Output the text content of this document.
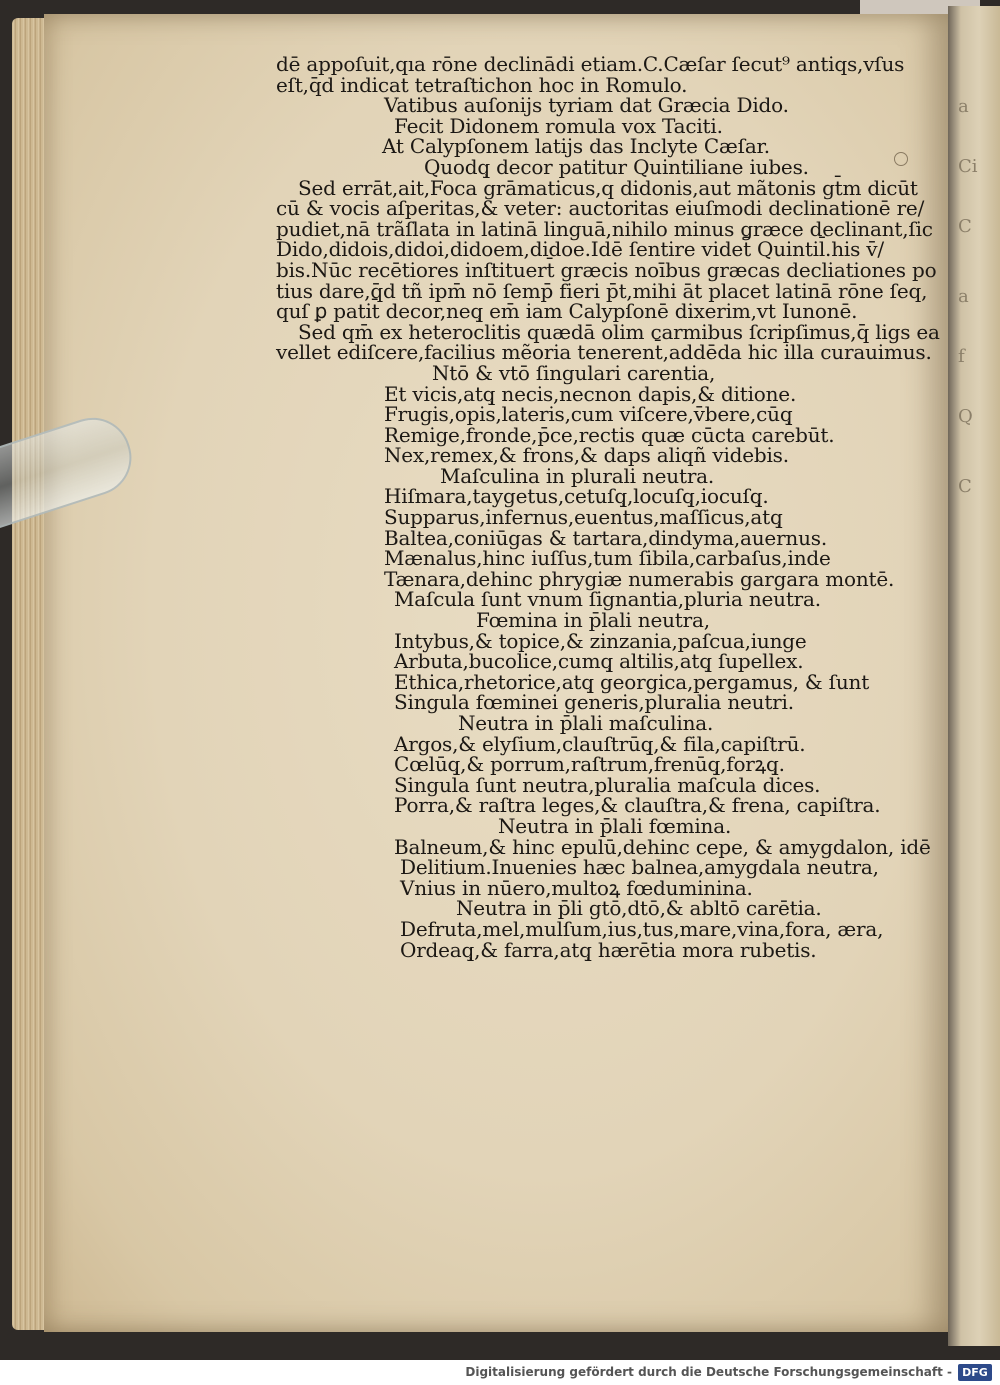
a
Ci
C
a
f
Q
C
dē appoſuit,qıa rōne declinādi etiam.C.Cæſar ſecut⁹ antiqs,vſus
eſt,q̄d indicat tetraſtichon hoc in Romulo.
Vatibus auſonijs tyriam dat Græcia Dido.
Fecit Didonem romula vox Taciti.
At Calypſonem latijs das Inclyte Cæſar.
Quodq̧ decor patitur Quintiliane iubes.
Sed errāt,ait,Foca grāmaticus,q didonis,aut mãtonis gt̄m dicūt
cū & vocis aſperitas,& veter: auctoritas eiuſmodi declinationē re/
pudiet,nā trãſlata in latinā linguā,nihilo minus græce declinant,ſic
Dido,didois,didoi,didoem,didoe.Idē ſentire videt̄ Quintil̄.his v̄/
bis.Nūc recētiores inſtituert̄ græcis noībus græcas decliationes po
tius dare,q̄d tñ ipm̄ nō ſemp̄ fieri p̄t,mihi āt placet latinā rōne ſeq,
quſ ꝑ patit̄ decor,neq̧ em̄ iam Calypſonē dixerim,vt Iunonē.
Sed qm̄ ex heteroclitis quædā olim carmibus ſcripſimus,q̄ ligs ea
vellet ediſcere,facilius mẽoria tenerent̄,addēda hic illa curauimus.
Ntō & vtō ſingulari carentia,
Et vicis,atq̧ necis,necnon dapis,& ditione.
Frugis,opis,lateris,cum viſcere,v̄bere,cūq̧
Remige,fronde,p̄ce,rectis quæ cūcta carebūt.
Nex,remex,& frons,& daps aliqñ videbis.
Maſculina in plurali neutra.
Hiſmara,taygetus,cetuſq̧,locuſq̧,iocuſq̧.
Supparus,infernus,euentus,maſſicus,atq̧
Baltea,coniūgas & tartara,dindyma,auernus.
Mænalus,hinc iuſſus,tum ſibila,carbaſus,inde
Tænara,dehinc phrygiæ numerabis gargara montē.
Maſcula ſunt vnum ſignantia,pluria neutra.
Fœmina in p̄lali neutra,
Intybus,& topice,& zinzania,paſcua,iunge
Arbuta,bucolice,cumq̧ altilis,atq̧ ſupellex.
Ethica,rhetorice,atq̧ georgica,pergamus, & ſunt
Singula fœminei generis,pluralia neutri.
Neutra in p̄lali maſculina.
Argos,& elyſium,clauſtrūq̧,& fila,capiſtrū.
Cœlūq̧,& porrum,raſtrum,frenūq̧,forꝝq̧.
Singula ſunt neutra,pluralia maſcula dices.
Porra,& raſtra leges,& clauſtra,& frena, capiſtra.
Neutra in p̄lali fœmina.
Balneum,& hinc epulū,dehinc cepe, & amygdalon, idē
Delitium.Inuenies hæc balnea,amygdala neutra,
Vnius in nūero,multoꝝ fœduminina.
Neutra in p̄li gtō,dtō,& abltō carētia.
Defruta,mel,mulſum,ius,tus,mare,vina,fora, æra,
Ordeaq̧,& farra,atq̧ hærētia mora rubetis.
Digitalisierung gefördert durch die Deutsche Forschungsgemeinschaft - DFG
